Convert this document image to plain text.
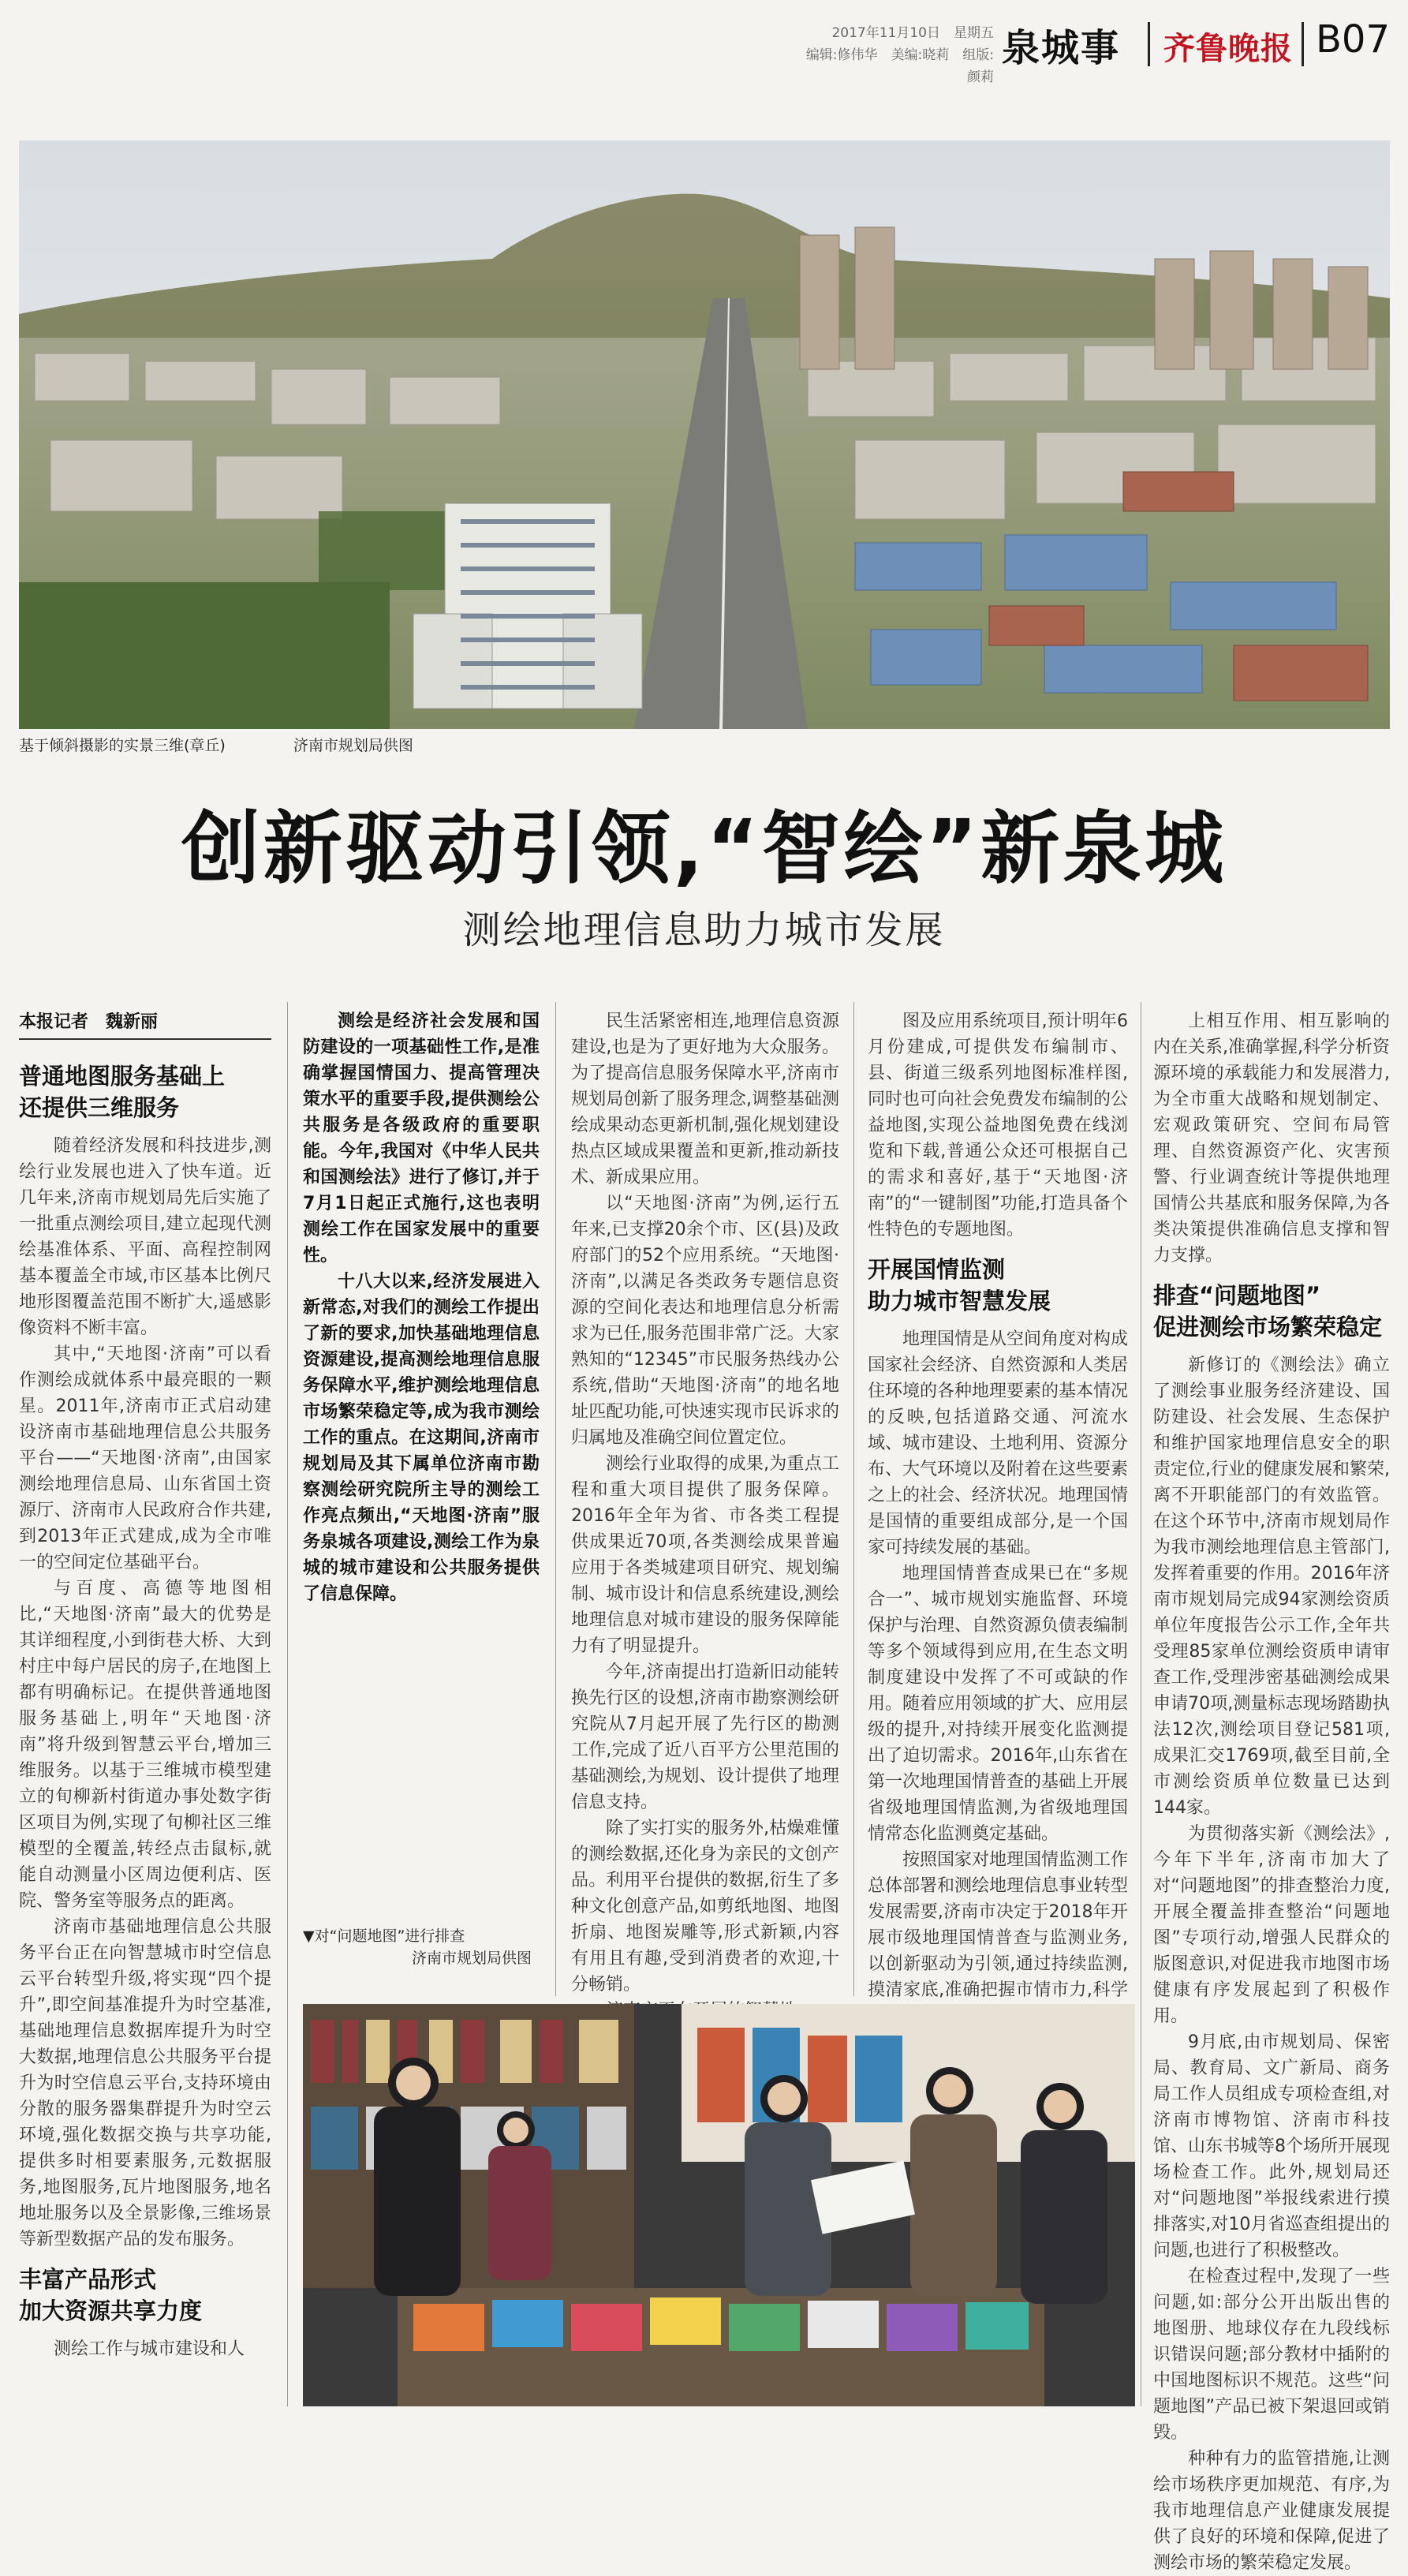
2017年11月10日　星期五
编辑:修伟华　美编:晓莉　组版:颜莉
泉城事 齐鲁晚报 B07
基于倾斜摄影的实景三维(章丘)	济南市规划局供图
创新驱动引领,“智绘”新泉城
测绘地理信息助力城市发展
本报记者　魏新丽
普通地图服务基础上
还提供三维服务

随着经济发展和科技进步,测绘行业发展也进入了快车道。近几年来,济南市规划局先后实施了一批重点测绘项目,建立起现代测绘基准体系、平面、高程控制网基本覆盖全市域,市区基本比例尺地形图覆盖范围不断扩大,遥感影像资料不断丰富。

其中,“天地图·济南”可以看作测绘成就体系中最亮眼的一颗星。2011年,济南市正式启动建设济南市基础地理信息公共服务平台——“天地图·济南”,由国家测绘地理信息局、山东省国土资源厅、济南市人民政府合作共建,到2013年正式建成,成为全市唯一的空间定位基础平台。

与百度、高德等地图相比,“天地图·济南”最大的优势是其详细程度,小到街巷大桥、大到村庄中每户居民的房子,在地图上都有明确标记。在提供普通地图服务基础上,明年“天地图·济南”将升级到智慧云平台,增加三维服务。以基于三维城市模型建立的旬柳新村街道办事处数字街区项目为例,实现了旬柳社区三维模型的全覆盖,转经点击鼠标,就能自动测量小区周边便利店、医院、警务室等服务点的距离。

济南市基础地理信息公共服务平台正在向智慧城市时空信息云平台转型升级,将实现“四个提升”,即空间基准提升为时空基准,基础地理信息数据库提升为时空大数据,地理信息公共服务平台提升为时空信息云平台,支持环境由分散的服务器集群提升为时空云环境,强化数据交换与共享功能,提供多时相要素服务,元数据服务,地图服务,瓦片地图服务,地名地址服务以及全景影像,三维场景等新型数据产品的发布服务。

丰富产品形式
加大资源共享力度

测绘工作与城市建设和人

测绘是经济社会发展和国防建设的一项基础性工作,是准确掌握国情国力、提高管理决策水平的重要手段,提供测绘公共服务是各级政府的重要职能。今年,我国对《中华人民共和国测绘法》进行了修订,并于7月1日起正式施行,这也表明测绘工作在国家发展中的重要性。

十八大以来,经济发展进入新常态,对我们的测绘工作提出了新的要求,加快基础地理信息资源建设,提高测绘地理信息服务保障水平,维护测绘地理信息市场繁荣稳定等,成为我市测绘工作的重点。在这期间,济南市规划局及其下属单位济南市勘察测绘研究院所主导的测绘工作亮点频出,“天地图·济南”服务泉城各项建设,测绘工作为泉城的城市建设和公共服务提供了信息保障。

▼对“问题地图”进行排查
济南市规划局供图

民生活紧密相连,地理信息资源建设,也是为了更好地为大众服务。为了提高信息服务保障水平,济南市规划局创新了服务理念,调整基础测绘成果动态更新机制,强化规划建设热点区域成果覆盖和更新,推动新技术、新成果应用。

以“天地图·济南”为例,运行五年来,已支撑20余个市、区(县)及政府部门的52个应用系统。“天地图·济南”,以满足各类政务专题信息资源的空间化表达和地理信息分析需求为已任,服务范围非常广泛。大家熟知的“12345”市民服务热线办公系统,借助“天地图·济南”的地名地址匹配功能,可快速实现市民诉求的归属地及准确空间位置定位。

测绘行业取得的成果,为重点工程和重大项目提供了服务保障。2016年全年为省、市各类工程提供成果近70项,各类测绘成果普遍应用于各类城建项目研究、规划编制、城市设计和信息系统建设,测绘地理信息对城市建设的服务保障能力有了明显提升。

今年,济南提出打造新旧动能转换先行区的设想,济南市勘察测绘研究院从7月起开展了先行区的勘测工作,完成了近八百平方公里范围的基础测绘,为规划、设计提供了地理信息支持。

除了实打实的服务外,枯燥难懂的测绘数据,还化身为亲民的文创产品。利用平台提供的数据,衍生了多种文化创意产品,如剪纸地图、地图折扇、地图炭雕等,形式新颖,内容有用且有趣,受到消费者的欢迎,十分畅销。

图及应用系统项目,预计明年6月份建成,可提供发布编制市、县、街道三级系列地图标准样图,同时也可向社会免费发布编制的公益地图,实现公益地图免费在线浏览和下载,普通公众还可根据自己的需求和喜好,基于“天地图·济南”的“一键制图”功能,打造具备个性特色的专题地图。

开展国情监测
助力城市智慧发展

地理国情是从空间角度对构成国家社会经济、自然资源和人类居住环境的各种地理要素的基本情况的反映,包括道路交通、河流水域、城市建设、土地利用、资源分布、大气环境以及附着在这些要素之上的社会、经济状况。地理国情是国情的重要组成部分,是一个国家可持续发展的基础。

地理国情普查成果已在“多规合一”、城市规划实施监督、环境保护与治理、自然资源负债表编制等多个领域得到应用,在生态文明制度建设中发挥了不可或缺的作用。随着应用领域的扩大、应用层级的提升,对持续开展变化监测提出了迫切需求。2016年,山东省在第一次地理国情普查的基础上开展省级地理国情监测,为省级地理国情常态化监测奠定基础。

按照国家对地理国情监测工作总体部署和测绘地理信息事业转型发展需要,济南市决定于2018年开展市级地理国情普查与监测业务,以创新驱动为引领,通过持续监测,摸清家底,准确把握市情市力,科学

上相互作用、相互影响的内在关系,准确掌握,科学分析资源环境的承载能力和发展潜力,为全市重大战略和规划制定、宏观政策研究、空间布局管理、自然资源资产化、灾害预警、行业调查统计等提供地理国情公共基底和服务保障,为各类决策提供准确信息支撑和智力支撑。

排查“问题地图”
促进测绘市场繁荣稳定

新修订的《测绘法》确立了测绘事业服务经济建设、国防建设、社会发展、生态保护和维护国家地理信息安全的职责定位,行业的健康发展和繁荣,离不开职能部门的有效监管。在这个环节中,济南市规划局作为我市测绘地理信息主管部门,发挥着重要的作用。2016年济南市规划局完成94家测绘资质单位年度报告公示工作,全年共受理85家单位测绘资质申请审查工作,受理涉密基础测绘成果申请70项,测量标志现场踏勘执法12次,测绘项目登记581项,成果汇交1769项,截至目前,全市测绘资质单位数量已达到144家。

为贯彻落实新《测绘法》,今年下半年,济南市加大了对“问题地图”的排查整治力度,开展全覆盖排查整治“问题地图”专项行动,增强人民群众的版图意识,对促进我市地图市场健康有序发展起到了积极作用。

9月底,由市规划局、保密局、教育局、文广新局、商务局工作人员组成专项检查组,对济南市博物馆、济南市科技馆、山东书城等8个场所开展现场检查工作。此外,规划局还对“问题地图”举报线索进行摸排落实,对10月省巡查组提出的问题,也进行了积极整改。

在检查过程中,发现了一些问题,如:部分公开出版出售的地图册、地球仪存在九段线标识错误问题;部分教材中插附的中国地图标识不规范。这些“问题地图”产品已被下架退回或销毁。

种种有力的监管措施,让测绘市场秩序更加规范、有序,为我市地理信息产业健康发展提供了良好的环境和保障,促进了测绘市场的繁荣稳定发展。
